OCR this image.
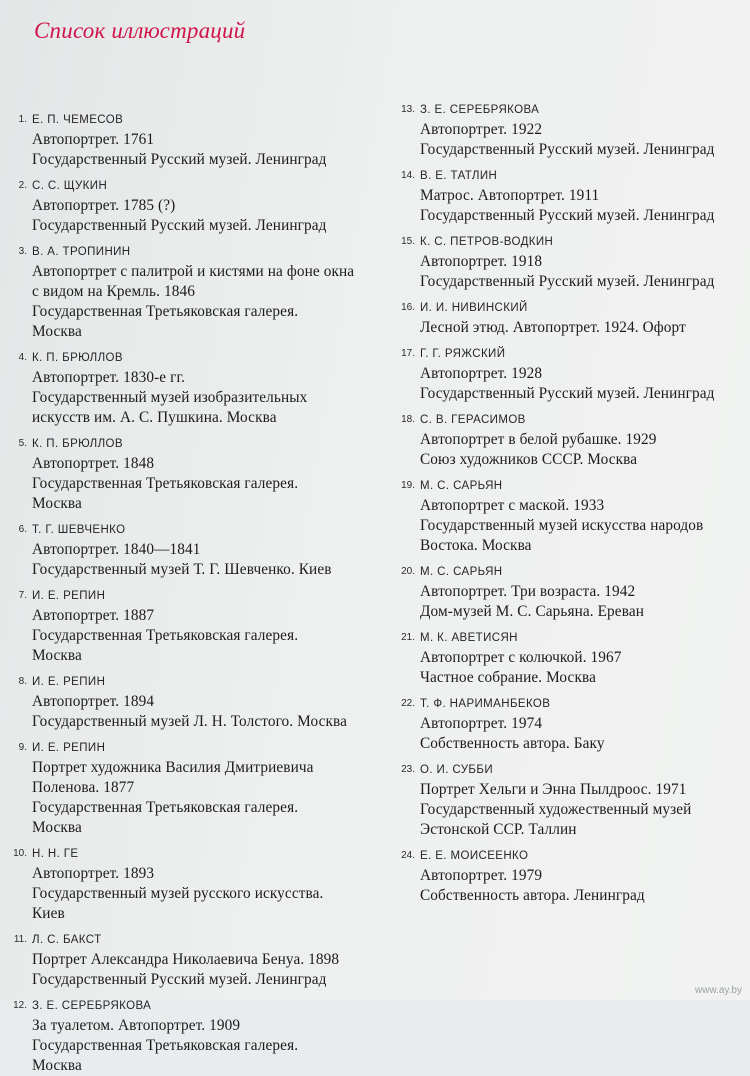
Список иллюстраций
1. Е. П. ЧЕМЕСОВ
Автопортрет. 1761
Государственный Русский музей. Ленинград
2. С. С. ЩУКИН
Автопортрет. 1785 (?)
Государственный Русский музей. Ленинград
3. В. А. ТРОПИНИН
Автопортрет с палитрой и кистями на фоне окна
с видом на Кремль. 1846
Государственная Третьяковская галерея.
Москва
4. К. П. БРЮЛЛОВ
Автопортрет. 1830-е гг.
Государственный музей изобразительных
искусств им. А. С. Пушкина. Москва
5. К. П. БРЮЛЛОВ
Автопортрет. 1848
Государственная Третьяковская галерея.
Москва
6. Т. Г. ШЕВЧЕНКО
Автопортрет. 1840—1841
Государственный музей Т. Г. Шевченко. Киев
7. И. Е. РЕПИН
Автопортрет. 1887
Государственная Третьяковская галерея.
Москва
8. И. Е. РЕПИН
Автопортрет. 1894
Государственный музей Л. Н. Толстого. Москва
9. И. Е. РЕПИН
Портрет художника Василия Дмитриевича
Поленова. 1877
Государственная Третьяковская галерея.
Москва
10. Н. Н. ГЕ
Автопортрет. 1893
Государственный музей русского искусства.
Киев
11. Л. С. БАКСТ
Портрет Александра Николаевича Бенуа. 1898
Государственный Русский музей. Ленинград
12. З. Е. СЕРЕБРЯКОВА
За туалетом. Автопортрет. 1909
Государственная Третьяковская галерея.
Москва
13. З. Е. СЕРЕБРЯКОВА
Автопортрет. 1922
Государственный Русский музей. Ленинград
14. В. Е. ТАТЛИН
Матрос. Автопортрет. 1911
Государственный Русский музей. Ленинград
15. К. С. ПЕТРОВ-ВОДКИН
Автопортрет. 1918
Государственный Русский музей. Ленинград
16. И. И. НИВИНСКИЙ
Лесной этюд. Автопортрет. 1924. Офорт
17. Г. Г. РЯЖСКИЙ
Автопортрет. 1928
Государственный Русский музей. Ленинград
18. С. В. ГЕРАСИМОВ
Автопортрет в белой рубашке. 1929
Союз художников СССР. Москва
19. М. С. САРЬЯН
Автопортрет с маской. 1933
Государственный музей искусства народов
Востока. Москва
20. М. С. САРЬЯН
Автопортрет. Три возраста. 1942
Дом-музей М. С. Сарьяна. Ереван
21. М. К. АВЕТИСЯН
Автопортрет с колючкой. 1967
Частное собрание. Москва
22. Т. Ф. НАРИМАНБЕКОВ
Автопортрет. 1974
Собственность автора. Баку
23. О. И. СУББИ
Портрет Хельги и Энна Пылдроос. 1971
Государственный художественный музей
Эстонской ССР. Таллин
24. Е. Е. МОИСЕЕНКО
Автопортрет. 1979
Собственность автора. Ленинград
www.ay.by
